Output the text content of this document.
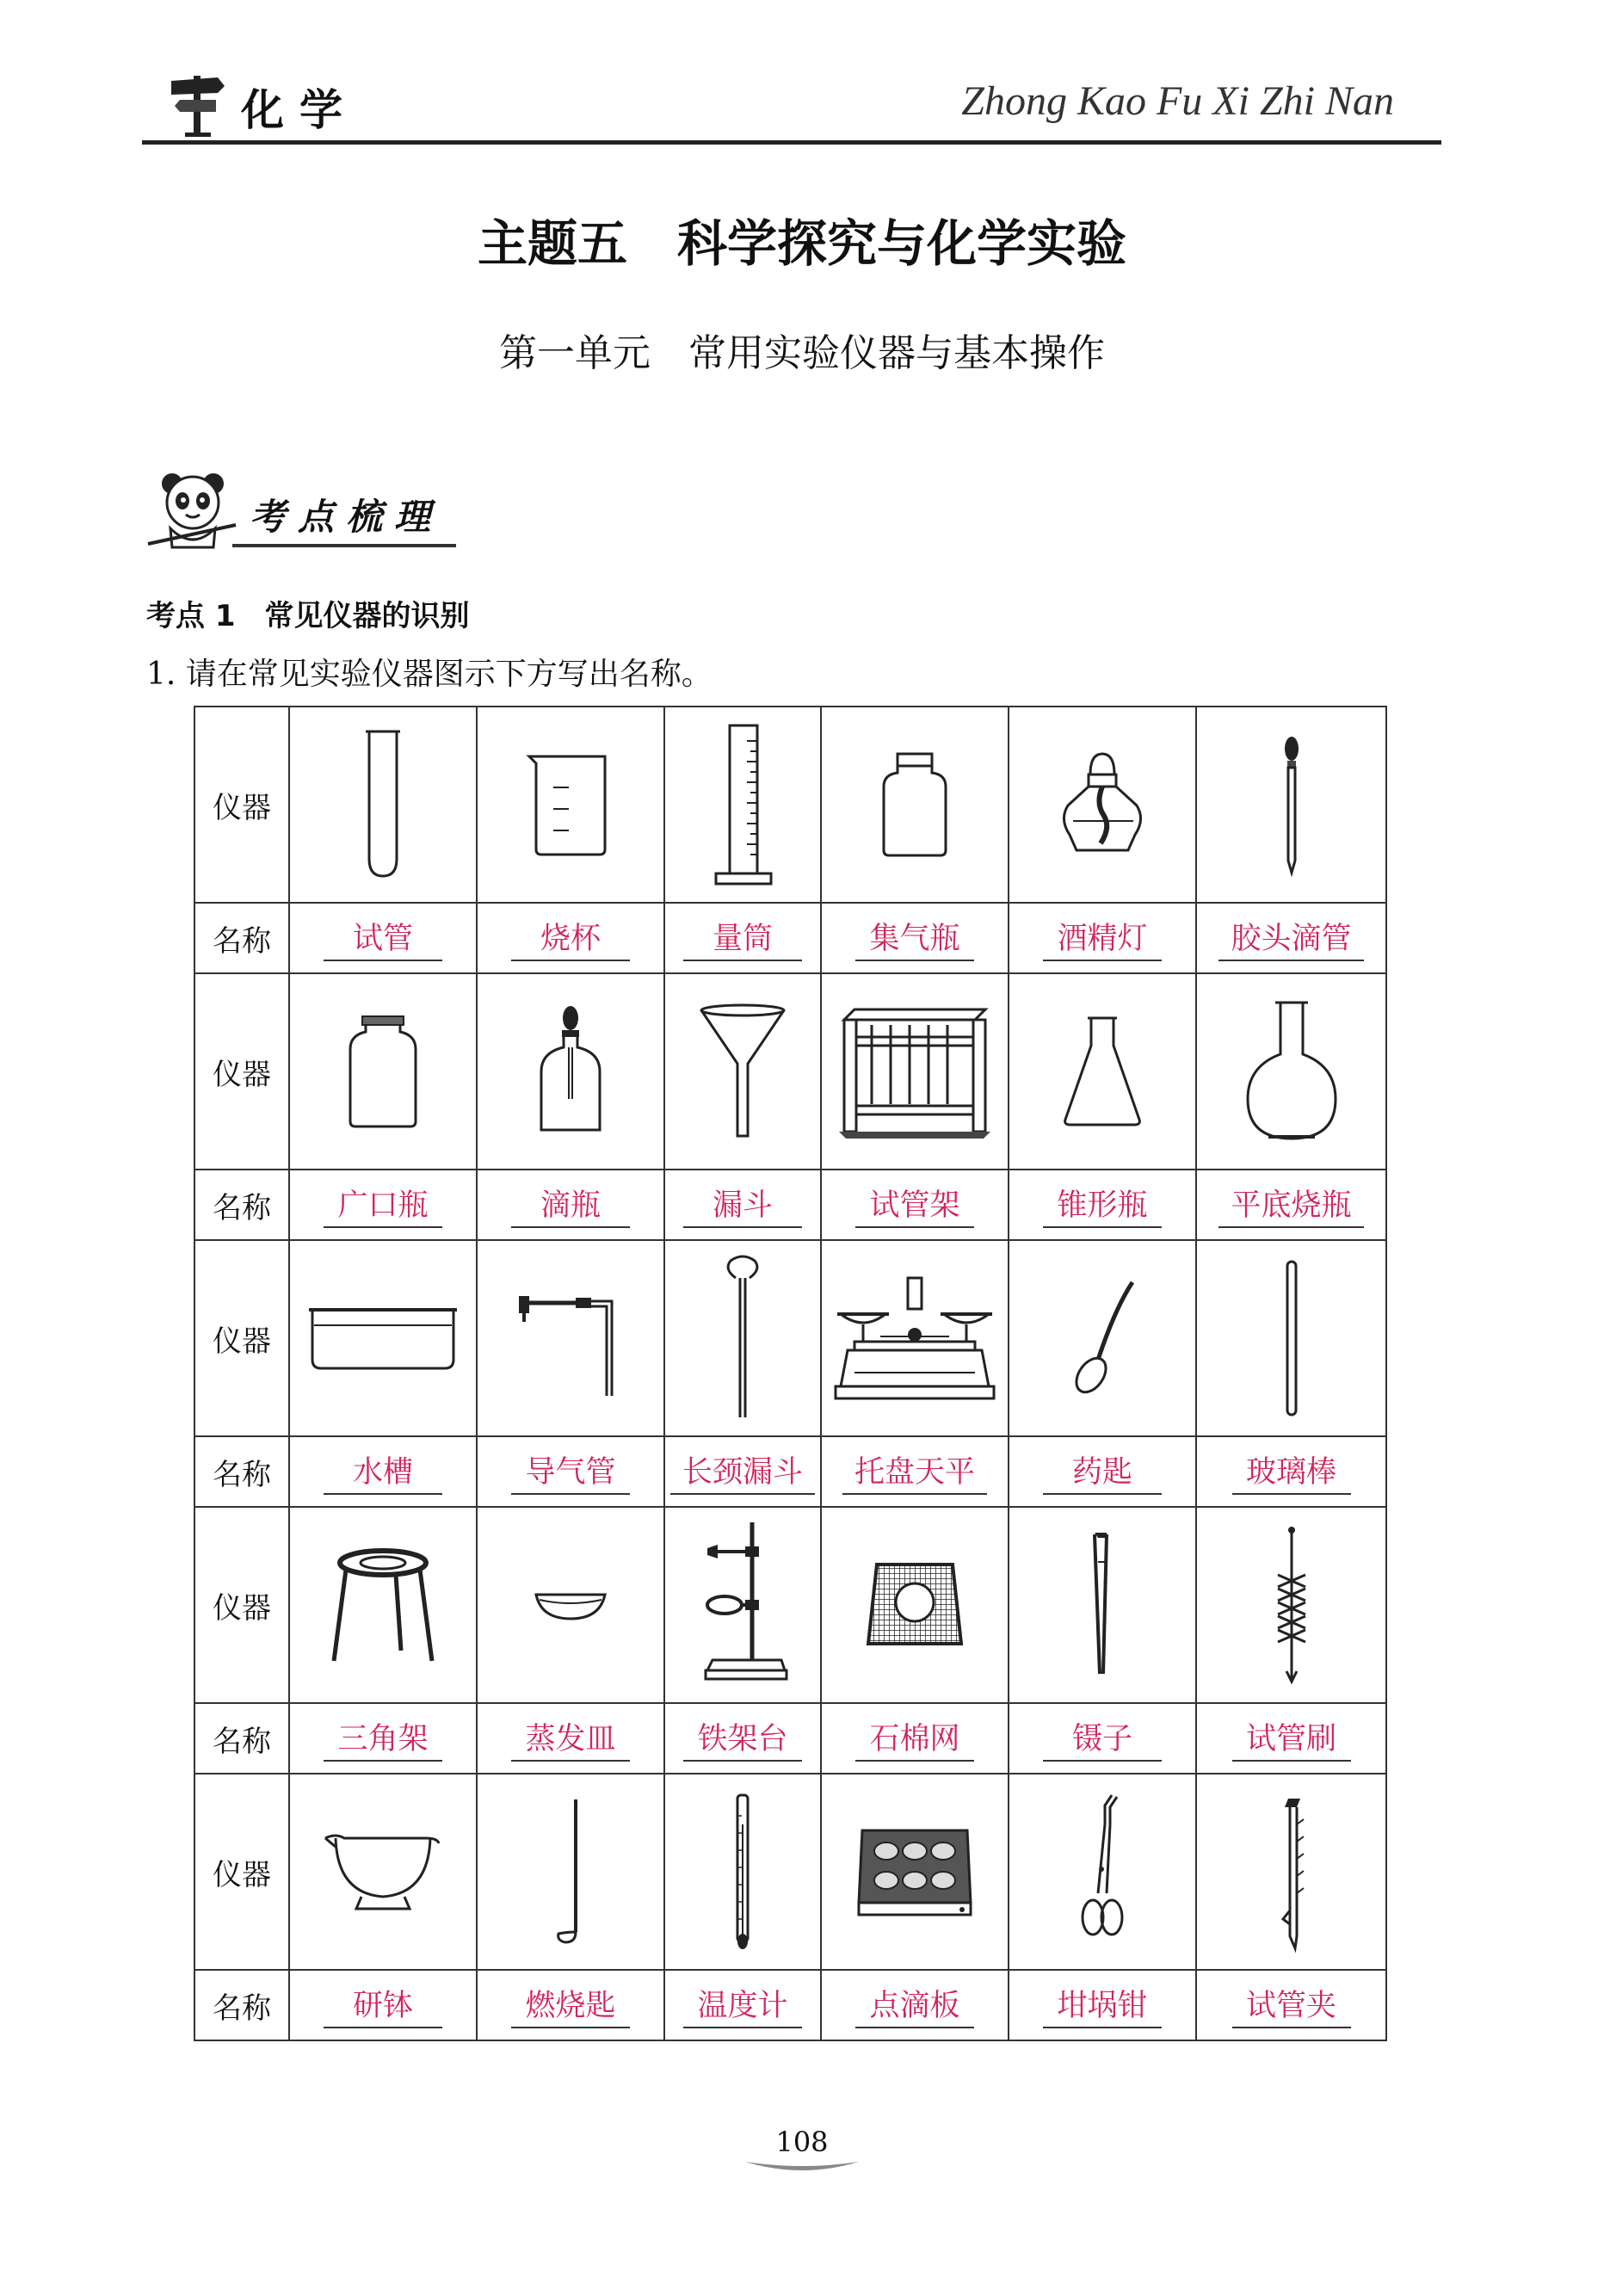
化学	Zhong Kao Fu Xi Zhi Nan
主题五　科学探究与化学实验
第一单元　常用实验仪器与基本操作
考点梳理
考点 1　常见仪器的识别
1. 请在常见实验仪器图示下方写出名称。
仪器	

名称	试管	烧杯	量筒	集气瓶	酒精灯	胶头滴管
仪器	

名称	广口瓶	滴瓶	漏斗	试管架	锥形瓶	平底烧瓶
仪器	

名称	水槽	导气管	长颈漏斗	托盘天平	药匙	玻璃棒
仪器	

名称	三角架	蒸发皿	铁架台	石棉网	镊子	试管刷
仪器	

名称	研钵	燃烧匙	温度计	点滴板	坩埚钳	试管夹
108
